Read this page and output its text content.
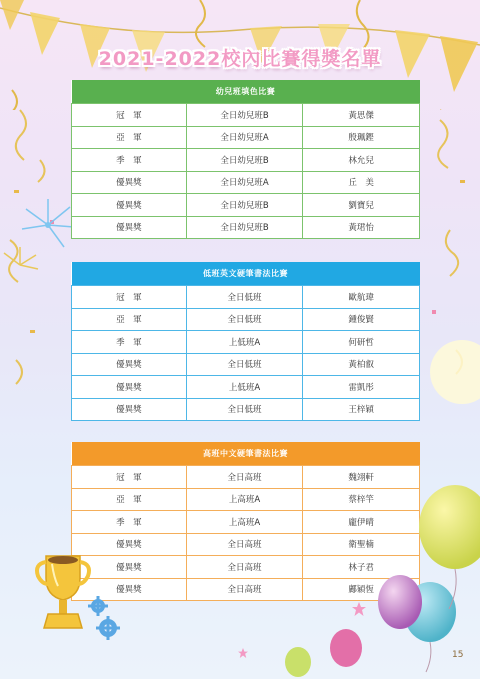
2021-2022校內比賽得獎名單
幼兒班填色比賽		
冠　軍	全日幼兒班B	黃思傑
亞　軍	全日幼兒班A	殷珮鏗
季　軍	全日幼兒班B	林允兒
優異獎	全日幼兒班A	丘　美
優異獎	全日幼兒班B	劉寶兒
優異獎	全日幼兒班B	黃珺怡
低班英文硬筆書法比賽		
冠　軍	全日低班	歐航瑋
亞　軍	全日低班	鍾俊賢
季　軍	上低班A	何研哲
優異獎	全日低班	黃柏叡
優異獎	上低班A	雷凱彤
優異獎	全日低班	王梓穎
高班中文硬筆書法比賽		
冠　軍	全日高班	魏翊軒
亞　軍	上高班A	蔡梓竿
季　軍	上高班A	龐伊晴
優異獎	全日高班	衛聖楠
優異獎	全日高班	林子君
優異獎	全日高班	鄺穎恆
15
